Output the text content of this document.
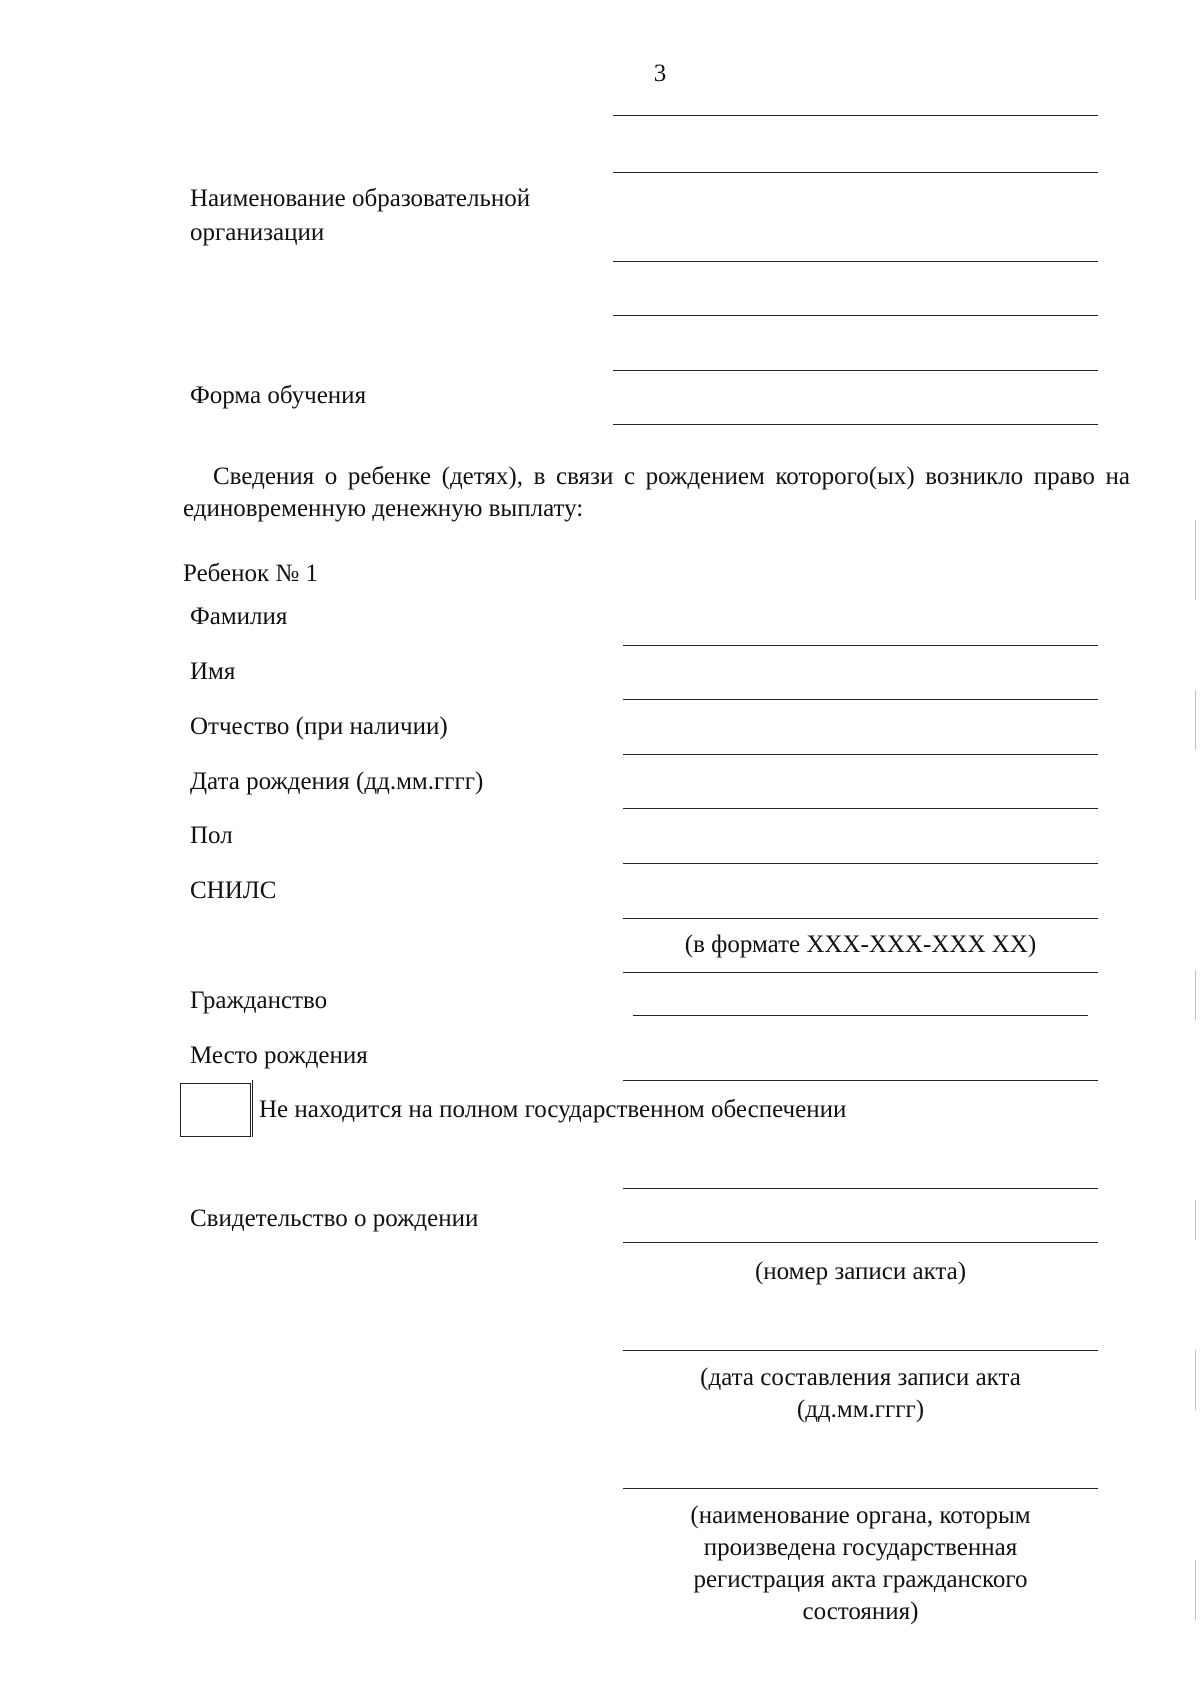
3
Наименование образовательной
организации
Форма обучения
Сведения о ребенке (детях), в связи с рождением которого(ых) возникло право на единовременную денежную выплату:
Ребенок № 1
Фамилия
Имя
Отчество (при наличии)
Дата рождения (дд.мм.гггг)
Пол
СНИЛС
(в формате XXX-XXX-XXX XX)
Гражданство
Место рождения
Не находится на полном государственном обеспечении
Свидетельство о рождении
(номер записи акта)
(дата составления записи акта
(дд.мм.гггг)
(наименование органа, которым
произведена государственная
регистрация акта гражданского
состояния)
